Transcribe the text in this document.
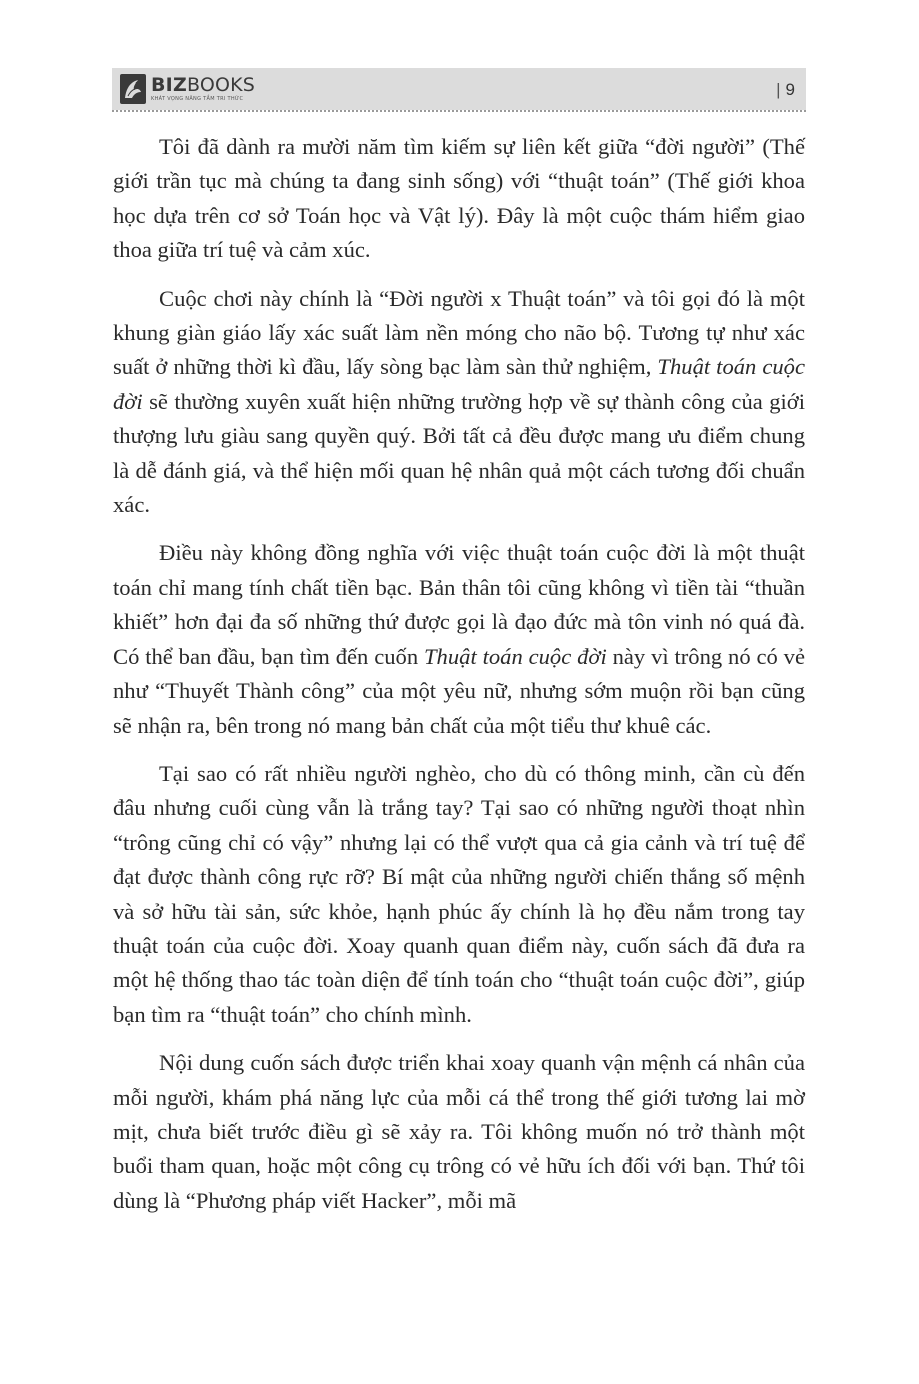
BIZBOOKS
KHÁT VỌNG NÂNG TẦM TRI THỨC	| 9

Tôi đã dành ra mười năm tìm kiếm sự liên kết giữa “đời người” (Thế giới trần tục mà chúng ta đang sinh sống) với “thuật toán” (Thế giới khoa học dựa trên cơ sở Toán học và Vật lý). Đây là một cuộc thám hiểm giao thoa giữa trí tuệ và cảm xúc.

Cuộc chơi này chính là “Đời người x Thuật toán” và tôi gọi đó là một khung giàn giáo lấy xác suất làm nền móng cho não bộ. Tương tự như xác suất ở những thời kì đầu, lấy sòng bạc làm sàn thử nghiệm, Thuật toán cuộc đời sẽ thường xuyên xuất hiện những trường hợp về sự thành công của giới thượng lưu giàu sang quyền quý. Bởi tất cả đều được mang ưu điểm chung là dễ đánh giá, và thể hiện mối quan hệ nhân quả một cách tương đối chuẩn xác.

Điều này không đồng nghĩa với việc thuật toán cuộc đời là một thuật toán chỉ mang tính chất tiền bạc. Bản thân tôi cũng không vì tiền tài “thuần khiết” hơn đại đa số những thứ được gọi là đạo đức mà tôn vinh nó quá đà. Có thể ban đầu, bạn tìm đến cuốn Thuật toán cuộc đời này vì trông nó có vẻ như “Thuyết Thành công” của một yêu nữ, nhưng sớm muộn rồi bạn cũng sẽ nhận ra, bên trong nó mang bản chất của một tiểu thư khuê các.

Tại sao có rất nhiều người nghèo, cho dù có thông minh, cần cù đến đâu nhưng cuối cùng vẫn là trắng tay? Tại sao có những người thoạt nhìn “trông cũng chỉ có vậy” nhưng lại có thể vượt qua cả gia cảnh và trí tuệ để đạt được thành công rực rỡ? Bí mật của những người chiến thắng số mệnh và sở hữu tài sản, sức khỏe, hạnh phúc ấy chính là họ đều nắm trong tay thuật toán của cuộc đời. Xoay quanh quan điểm này, cuốn sách đã đưa ra một hệ thống thao tác toàn diện để tính toán cho “thuật toán cuộc đời”, giúp bạn tìm ra “thuật toán” cho chính mình.

Nội dung cuốn sách được triển khai xoay quanh vận mệnh cá nhân của mỗi người, khám phá năng lực của mỗi cá thể trong thế giới tương lai mờ mịt, chưa biết trước điều gì sẽ xảy ra. Tôi không muốn nó trở thành một buổi tham quan, hoặc một công cụ trông có vẻ hữu ích đối với bạn. Thứ tôi dùng là “Phương pháp viết Hacker”, mỗi mã
